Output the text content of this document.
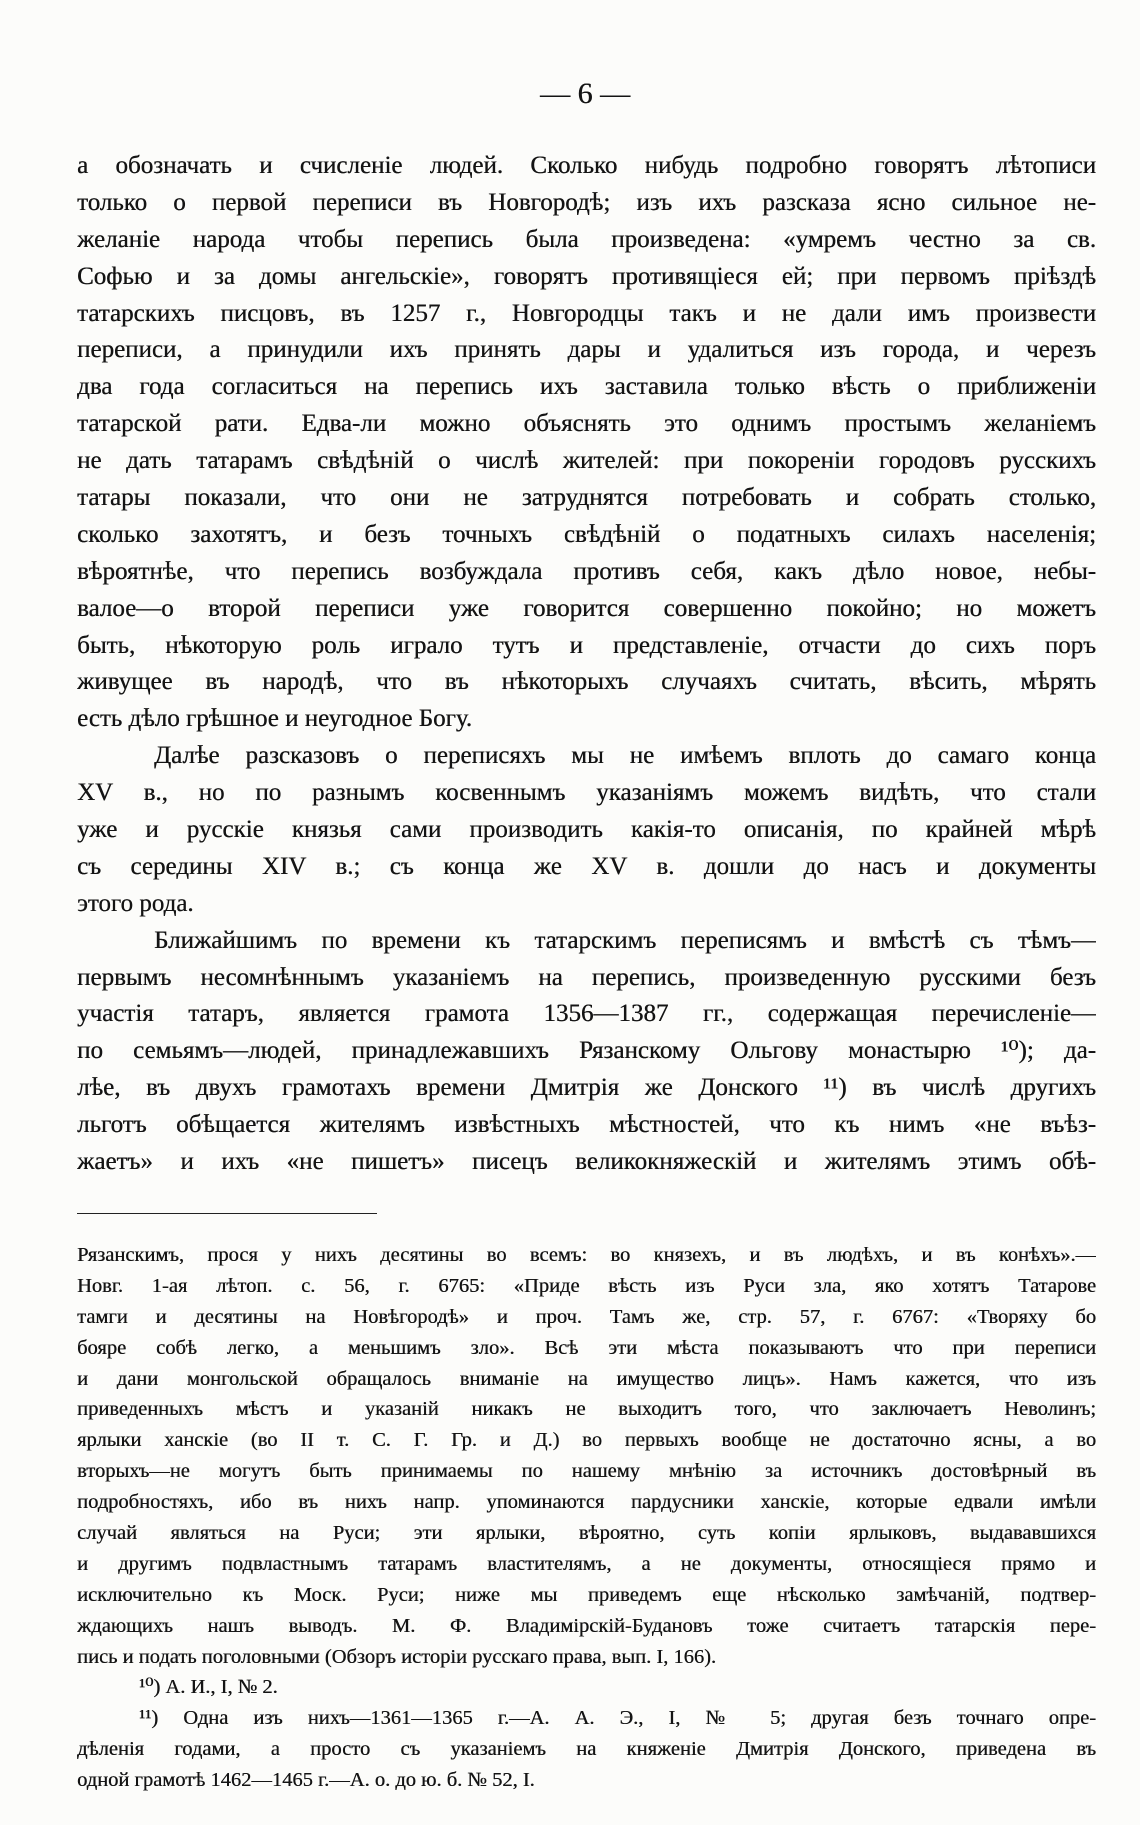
— 6 —
а обозначать и счисленіе людей. Сколько нибудь подробно говорятъ лѣтописи
только о первой переписи въ Новгородѣ; изъ ихъ разсказа ясно сильное не-
желаніе народа чтобы перепись была произведена: «умремъ честно за св.
Софью и за домы ангельскіе», говорятъ противящіеся ей; при первомъ пріѣздѣ
татарскихъ писцовъ, въ 1257 г., Новгородцы такъ и не дали имъ произвести
переписи, а принудили ихъ принять дары и удалиться изъ города, и черезъ
два года согласиться на перепись ихъ заставила только вѣсть о приближеніи
татарской рати. Едва-ли можно объяснять это однимъ простымъ желаніемъ
не дать татарамъ свѣдѣній о числѣ жителей: при покореніи городовъ русскихъ
татары показали, что они не затруднятся потребовать и собрать столько,
сколько захотятъ, и безъ точныхъ свѣдѣній о податныхъ силахъ населенія;
вѣроятнѣе, что перепись возбуждала противъ себя, какъ дѣло новое, небы-
валое—о второй переписи уже говорится совершенно покойно; но можетъ
быть, нѣкоторую роль играло тутъ и представленіе, отчасти до сихъ поръ
живущее въ народѣ, что въ нѣкоторыхъ случаяхъ считать, вѣсить, мѣрять
есть дѣло грѣшное и неугодное Богу.
Далѣе разсказовъ о переписяхъ мы не имѣемъ вплоть до самаго конца
XV в., но по разнымъ косвеннымъ указаніямъ можемъ видѣть, что стали
уже и русскіе князья сами производить какія-то описанія, по крайней мѣрѣ
съ середины XIV в.; съ конца же XV в. дошли до насъ и документы
этого рода.
Ближайшимъ по времени къ татарскимъ переписямъ и вмѣстѣ съ тѣмъ—
первымъ несомнѣннымъ указаніемъ на перепись, произведенную русскими безъ
участія татаръ, является грамота 1356—1387 гг., содержащая перечисленіе—
по семьямъ—людей, принадлежавшихъ Рязанскому Ольгову монастырю ¹⁰); да-
лѣе, въ двухъ грамотахъ времени Дмитрія же Донского ¹¹) въ числѣ другихъ
льготъ обѣщается жителямъ извѣстныхъ мѣстностей, что къ нимъ «не въѣз-
жаетъ» и ихъ «не пишетъ» писецъ великокняжескій и жителямъ этимъ обѣ-
Рязанскимъ, прося у нихъ десятины во всемъ: во князехъ, и въ людѣхъ, и въ конѣхъ».—
Новг. 1-ая лѣтоп. с. 56, г. 6765: «Приде вѣсть изъ Руси зла, яко хотятъ Татарове
тамги и десятины на Новѣгородѣ» и проч. Тамъ же, стр. 57, г. 6767: «Творяху бо
бояре собѣ легко, а меньшимъ зло». Всѣ эти мѣста показываютъ что при переписи
и дани монгольской обращалось вниманіе на имущество лицъ». Намъ кажется, что изъ
приведенныхъ мѣстъ и указаній никакъ не выходитъ того, что заключаетъ Неволинъ;
ярлыки ханскіе (во II т. С. Г. Гр. и Д.) во первыхъ вообще не достаточно ясны, а во
вторыхъ—не могутъ быть принимаемы по нашему мнѣнію за источникъ достовѣрный въ
подробностяхъ, ибо въ нихъ напр. упоминаются пардусники ханскіе, которые едвали имѣли
случай являться на Руси; эти ярлыки, вѣроятно, суть копіи ярлыковъ, выдававшихся
и другимъ подвластнымъ татарамъ властителямъ, а не документы, относящіеся прямо и
исключительно къ Моск. Руси; ниже мы приведемъ еще нѣсколько замѣчаній, подтвер-
ждающихъ нашъ выводъ. М. Ф. Владимірскій-Будановъ тоже считаетъ татарскія пере-
пись и подать поголовными (Обзоръ исторіи русскаго права, вып. I, 166).
¹⁰) А. И., I, № 2.
¹¹) Одна изъ нихъ—1361—1365 г.—А. А. Э., I, № 5; другая безъ точнаго опре-
дѣленія годами, а просто съ указаніемъ на княженіе Дмитрія Донского, приведена въ
одной грамотѣ 1462—1465 г.—А. о. до ю. б. № 52, I.
